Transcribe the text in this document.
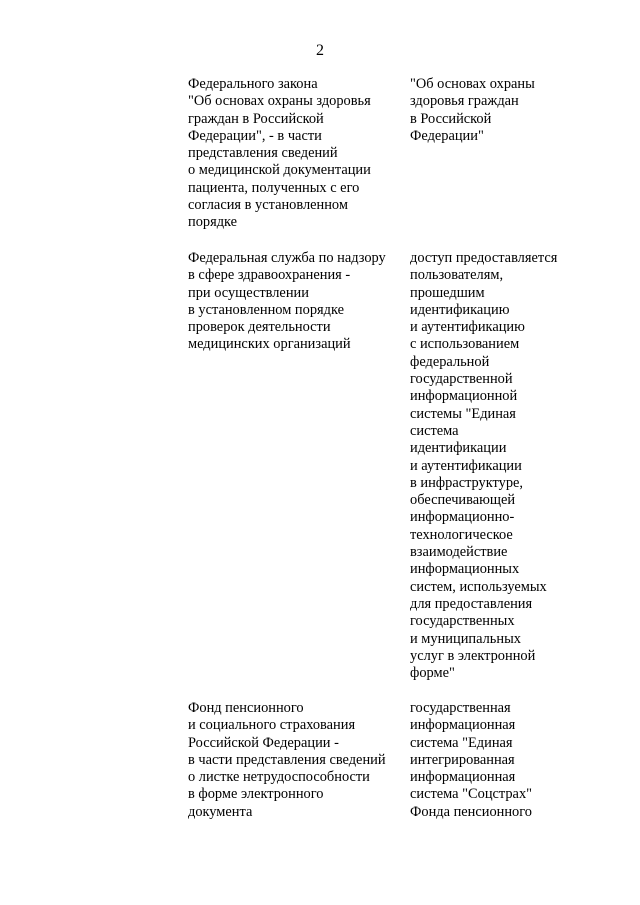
2
Федерального закона
"Об основах охраны здоровья
граждан в Российской
Федерации", - в части
представления сведений
о медицинской документации
пациента, полученных с его
согласия в установленном
порядке
"Об основах охраны
здоровья граждан
в Российской
Федерации"
Федеральная служба по надзору
в сфере здравоохранения -
при осуществлении
в установленном порядке
проверок деятельности
медицинских организаций
доступ предоставляется
пользователям,
прошедшим
идентификацию
и аутентификацию
с использованием
федеральной
государственной
информационной
системы "Единая
система
идентификации
и аутентификации
в инфраструктуре,
обеспечивающей
информационно-
технологическое
взаимодействие
информационных
систем, используемых
для предоставления
государственных
и муниципальных
услуг в электронной
форме"
Фонд пенсионного
и социального страхования
Российской Федерации -
в части представления сведений
о листке нетрудоспособности
в форме электронного
документа
государственная
информационная
система "Единая
интегрированная
информационная
система "Соцстрах"
Фонда пенсионного
